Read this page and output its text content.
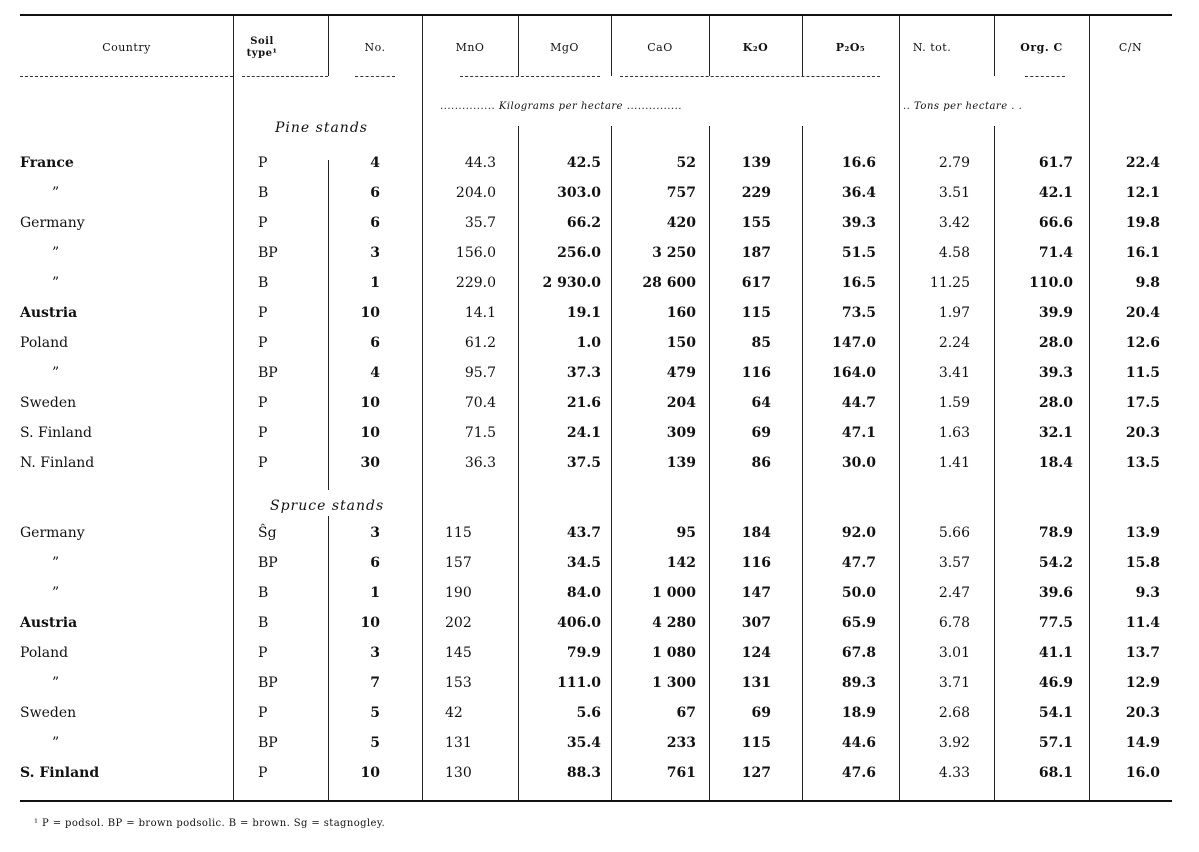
Country	Soil type¹	No.	MnO	MgO	CaO	K₂O	P₂O₅	N. tot.	Org. C	C/N
............... Kilograms per hectare ...............	.. Tons per hectare . .
Pine stands
Spruce stands
France	P	4	44.3	42.5	52	139	16.6	2.79	61.7	22.4
”	B	6	204.0	303.0	757	229	36.4	3.51	42.1	12.1
Germany	P	6	35.7	66.2	420	155	39.3	3.42	66.6	19.8
”	BP	3	156.0	256.0	3 250	187	51.5	4.58	71.4	16.1
”	B	1	229.0	2 930.0	28 600	617	16.5	11.25	110.0	9.8
Austria	P	10	14.1	19.1	160	115	73.5	1.97	39.9	20.4
Poland	P	6	61.2	1.0	150	85	147.0	2.24	28.0	12.6
”	BP	4	95.7	37.3	479	116	164.0	3.41	39.3	11.5
Sweden	P	10	70.4	21.6	204	64	44.7	1.59	28.0	17.5
S. Finland	P	10	71.5	24.1	309	69	47.1	1.63	32.1	20.3
N. Finland	P	30	36.3	37.5	139	86	30.0	1.41	18.4	13.5
Germany	Ŝg	3	115	43.7	95	184	92.0	5.66	78.9	13.9
”	BP	6	157	34.5	142	116	47.7	3.57	54.2	15.8
”	B	1	190	84.0	1 000	147	50.0	2.47	39.6	9.3
Austria	B	10	202	406.0	4 280	307	65.9	6.78	77.5	11.4
Poland	P	3	145	79.9	1 080	124	67.8	3.01	41.1	13.7
”	BP	7	153	111.0	1 300	131	89.3	3.71	46.9	12.9
Sweden	P	5	42	5.6	67	69	18.9	2.68	54.1	20.3
”	BP	5	131	35.4	233	115	44.6	3.92	57.1	14.9
S. Finland	P	10	130	88.3	761	127	47.6	4.33	68.1	16.0
¹ P = podsol. BP = brown podsolic. B = brown. Sg = stagnogley.
